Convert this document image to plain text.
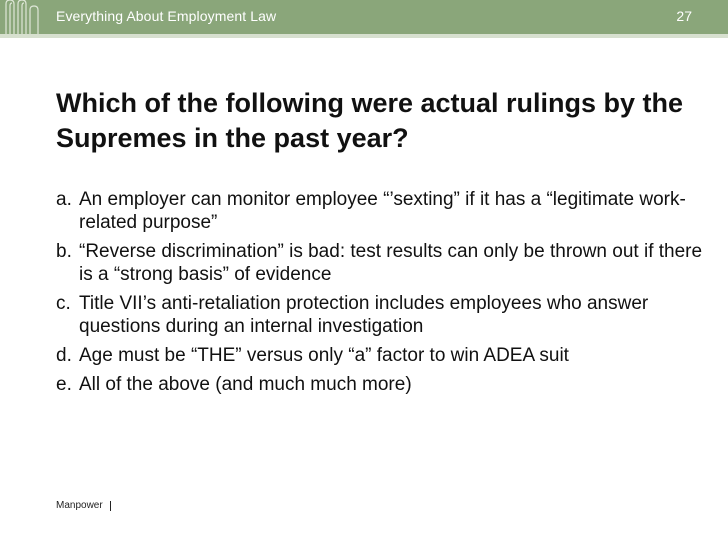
Everything About Employment Law	27
Which of the following were actual rulings by the Supremes in the past year?
a. An employer can monitor employee “’sexting” if it has a “legitimate work-related purpose”
b. “Reverse discrimination” is bad: test results can only be thrown out if there is a “strong basis” of evidence
c. Title VII’s anti-retaliation protection includes employees who answer questions during an internal investigation
d. Age must be “THE” versus only “a” factor to win ADEA suit
e. All of the above (and much much more)
Manpower
